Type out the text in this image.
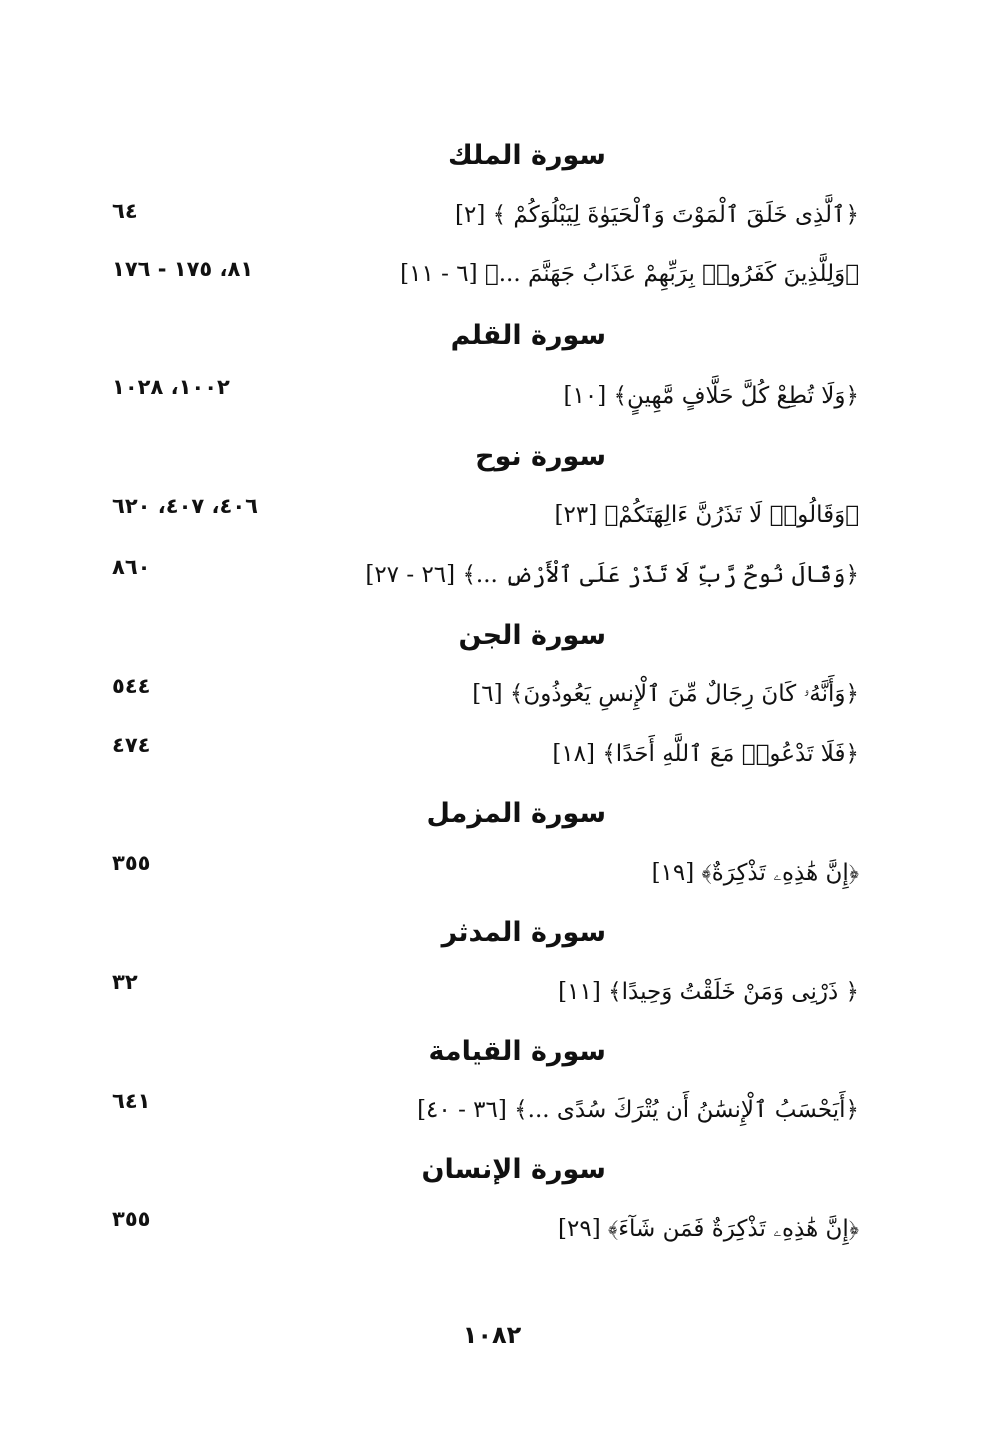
سورة الملك
﴿ٱلَّذِى خَلَقَ ٱلْمَوْتَ وَٱلْحَيَوٰةَ لِيَبْلُوَكُمْ ﴾ [٢]
٦٤
﴿وَلِلَّذِينَ كَفَرُوا۟ بِرَبِّهِمْ عَذَابُ جَهَنَّمَ ...﴾ [٦ - ١١]
٨١، ١٧٥ - ١٧٦
سورة القلم
﴿وَلَا تُطِعْ كُلَّ حَلَّافٍ مَّهِينٍ﴾ [١٠]
١٠٠٢، ١٠٢٨
سورة نوح
﴿وَقَالُوا۟ لَا تَذَرُنَّ ءَالِهَتَكُمْ﴾ [٢٣]
٤٠٦، ٤٠٧، ٦٢٠
﴿وَقَالَ نُوحٌ رَّبِّ لَا تَذَرْ عَلَى ٱلْأَرْضِ ...﴾ [٢٦ - ٢٧]
٨٦٠
سورة الجن
﴿وَأَنَّهُۥ كَانَ رِجَالٌ مِّنَ ٱلْإِنسِ يَعُوذُونَ﴾ [٦]
٥٤٤
﴿فَلَا تَدْعُوا۟ مَعَ ٱللَّهِ أَحَدًا﴾ [١٨]
٤٧٤
سورة المزمل
﴿إِنَّ هَٰذِهِۦ تَذْكِرَةٌ﴾ [١٩]
٣٥٥
سورة المدثر
﴿ ذَرْنِى وَمَنْ خَلَقْتُ وَحِيدًا﴾ [١١]
٣٢
سورة القيامة
﴿أَيَحْسَبُ ٱلْإِنسَٰنُ أَن يُتْرَكَ سُدًى ...﴾ [٣٦ - ٤٠]
٦٤١
سورة الإنسان
﴿إِنَّ هَٰذِهِۦ تَذْكِرَةٌ فَمَن شَآءَ﴾ [٢٩]
٣٥٥
١٠٨٢
